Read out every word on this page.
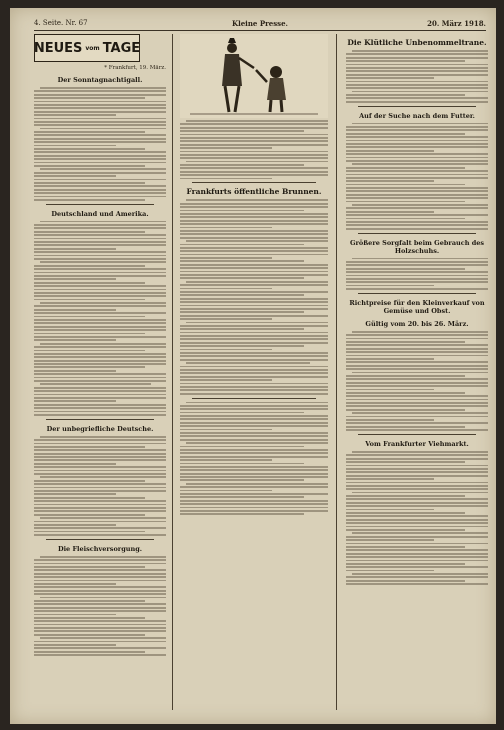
4. Seite. Nr. 67	Kleine Presse.	20. März 1918.
NEUES vom TAGE
* Frankfurt, 19. März.
Der Sonntagnachtigall.
Deutschland und Amerika.
Der unbegriefliche Deutsche.
Die Fleischversorgung.
Frankfurts öffentliche Brunnen.
Die Klütliche Unbenommeltrane.
Auf der Suche nach dem Futter.
Größere Sorgfalt beim Gebrauch des Holzschuhs.
Richtpreise für den Kleinverkauf von Gemüse und Obst.
Gültig vom 20. bis 26. März.
Vom Frankfurter Viehmarkt.
